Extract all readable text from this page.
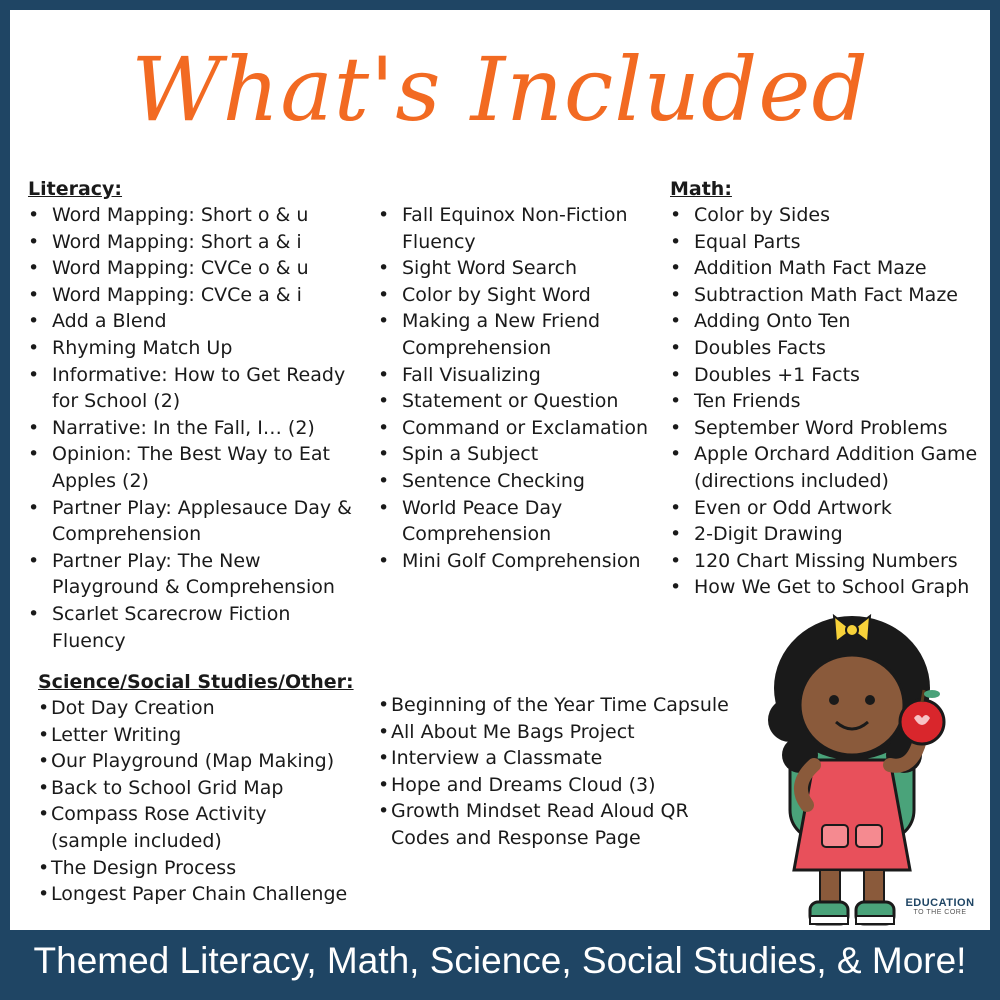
What's Included
Literacy:
• Word Mapping: Short o & u
• Word Mapping: Short a & i
• Word Mapping: CVCe o & u
• Word Mapping: CVCe a & i
• Add a Blend
• Rhyming Match Up
• Informative: How to Get Ready for School (2)
• Narrative: In the Fall, I… (2)
• Opinion: The Best Way to Eat Apples (2)
• Partner Play: Applesauce Day & Comprehension
• Partner Play: The New Playground & Comprehension
• Scarlet Scarecrow Fiction Fluency
• Fall Equinox Non-Fiction Fluency
• Sight Word Search
• Color by Sight Word
• Making a New Friend Comprehension
• Fall Visualizing
• Statement or Question
• Command or Exclamation
• Spin a Subject
• Sentence Checking
• World Peace Day Comprehension
• Mini Golf Comprehension
Math:
• Color by Sides
• Equal Parts
• Addition Math Fact Maze
• Subtraction Math Fact Maze
• Adding Onto Ten
• Doubles Facts
• Doubles +1 Facts
• Ten Friends
• September Word Problems
• Apple Orchard Addition Game (directions included)
• Even or Odd Artwork
• 2-Digit Drawing
• 120 Chart Missing Numbers
• How We Get to School Graph
Science/Social Studies/Other:
• Dot Day Creation
• Letter Writing
• Our Playground (Map Making)
• Back to School Grid Map
• Compass Rose Activity (sample included)
• The Design Process
• Longest Paper Chain Challenge
• Beginning of the Year Time Capsule
• All About Me Bags Project
• Interview a Classmate
• Hope and Dreams Cloud (3)
• Growth Mindset Read Aloud QR Codes and Response Page
EDUCATION
TO THE CORE
Themed Literacy, Math, Science, Social Studies, & More!
